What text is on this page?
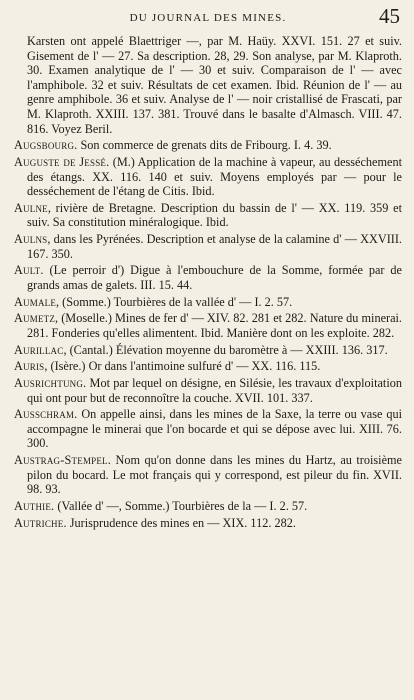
DU JOURNAL DES MINES.	45

Karsten ont appelé Blaettriger —, par M. Haüy. XXVI. 151. 27 et suiv. Gisement de l' — 27. Sa description. 28, 29. Son analyse, par M. Klaproth. 30. Examen analytique de l' — 30 et suiv. Comparaison de l' — avec l'amphibole. 32 et suiv. Résultats de cet examen. Ibid. Réunion de l' — au genre amphibole. 36 et suiv. Analyse de l' — noir cristallisé de Frascati, par M. Klaproth. XXIII. 137. 381. Trouvé dans le basalte d'Almasch. VIII. 47. 816. Voyez Beril.

Augsbourg. Son commerce de grenats dits de Fribourg. I. 4. 39.

Auguste de Jessé. (M.) Application de la machine à vapeur, au desséchement des étangs. XX. 116. 140 et suiv. Moyens employés par — pour le desséchement de l'étang de Citis. Ibid.

Aulne, rivière de Bretagne. Description du bassin de l' — XX. 119. 359 et suiv. Sa constitution minéralogique. Ibid.

Aulns, dans les Pyrénées. Description et analyse de la calamine d' — XXVIII. 167. 350.

Ault. (Le perroir d') Digue à l'embouchure de la Somme, formée par de grands amas de galets. III. 15. 44.

Aumale, (Somme.) Tourbières de la vallée d' — I. 2. 57.

Aumetz, (Moselle.) Mines de fer d' — XIV. 82. 281 et 282. Nature du minerai. 281. Fonderies qu'elles alimentent. Ibid. Manière dont on les exploite. 282.

Aurillac, (Cantal.) Élévation moyenne du baromètre à — XXIII. 136. 317.

Auris, (Isère.) Or dans l'antimoine sulfuré d' — XX. 116. 115.

Ausrichtung. Mot par lequel on désigne, en Silésie, les travaux d'exploitation qui ont pour but de reconnoître la couche. XVII. 101. 337.

Ausschram. On appelle ainsi, dans les mines de la Saxe, la terre ou vase qui accompagne le minerai que l'on bocarde et qui se dépose avec lui. XIII. 76. 300.

Austrag-Stempel. Nom qu'on donne dans les mines du Hartz, au troisième pilon du bocard. Le mot français qui y correspond, est pileur du fin. XVII. 98. 93.

Authie. (Vallée d' —, Somme.) Tourbières de la — I. 2. 57.

Autriche. Jurisprudence des mines en — XIX. 112. 282.
